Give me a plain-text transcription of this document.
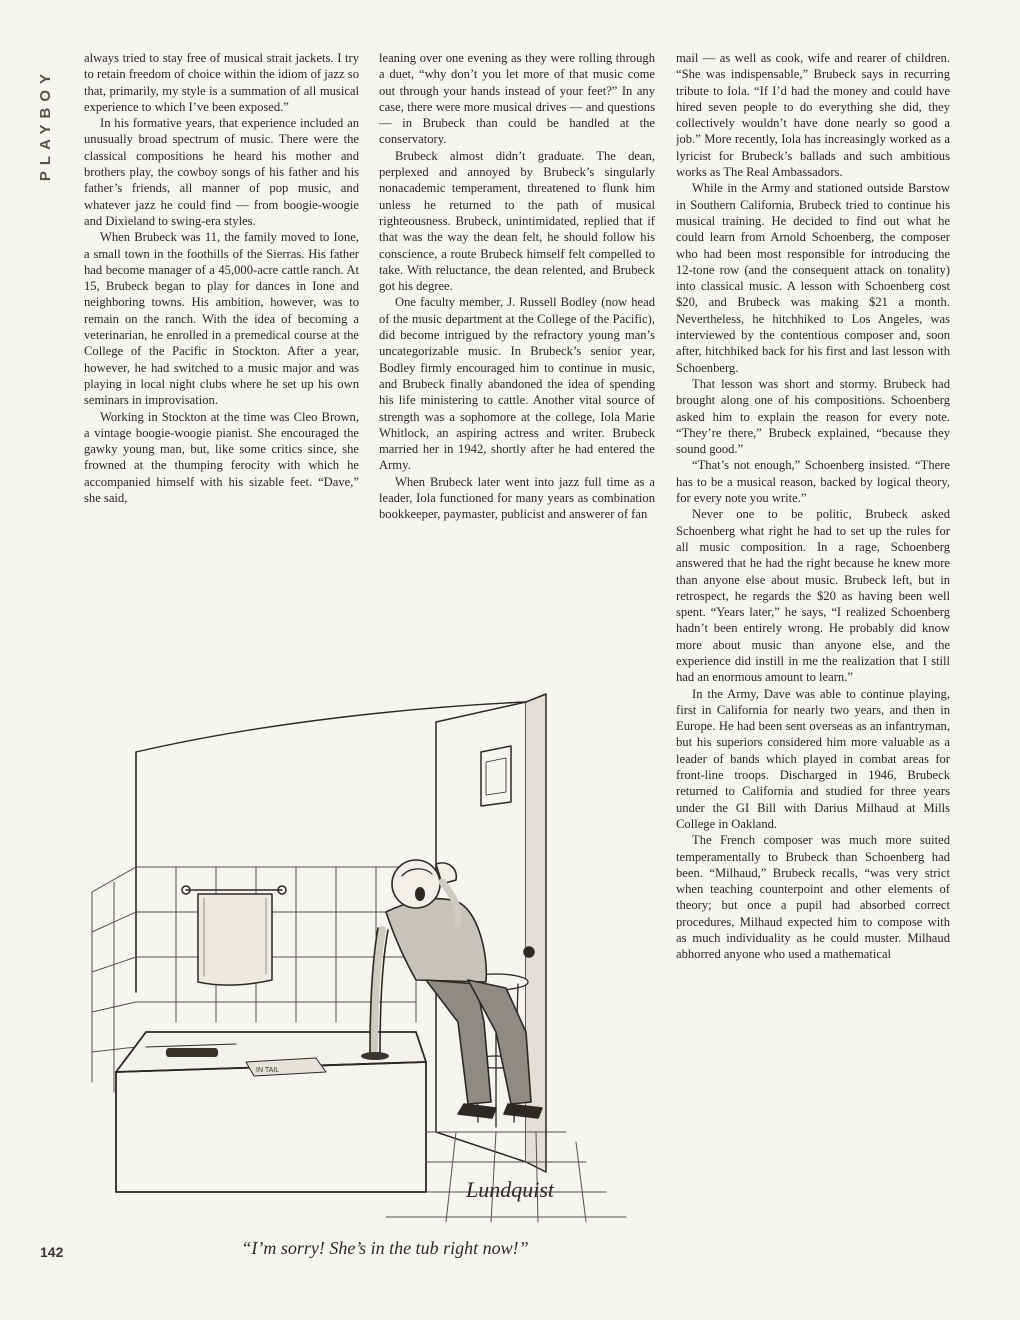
PLAYBOY

always tried to stay free of musical strait jackets. I try to retain freedom of choice within the idiom of jazz so that, primarily, my style is a summation of all musical experience to which I’ve been exposed.”

In his formative years, that experience included an unusually broad spectrum of music. There were the classical compositions he heard his mother and brothers play, the cowboy songs of his father and his father’s friends, all manner of pop music, and whatever jazz he could find — from boogie-woogie and Dixieland to swing-era styles.

When Brubeck was 11, the family moved to Ione, a small town in the foothills of the Sierras. His father had become manager of a 45,000-acre cattle ranch. At 15, Brubeck began to play for dances in Ione and neighboring towns. His ambition, however, was to remain on the ranch. With the idea of becoming a veterinarian, he enrolled in a premedical course at the College of the Pacific in Stockton. After a year, however, he had switched to a music major and was playing in local night clubs where he set up his own seminars in improvisation.

Working in Stockton at the time was Cleo Brown, a vintage boogie-woogie pianist. She encouraged the gawky young man, but, like some critics since, she frowned at the thumping ferocity with which he accompanied himself with his sizable feet. “Dave,” she said,

leaning over one evening as they were rolling through a duet, “why don’t you let more of that music come out through your hands instead of your feet?” In any case, there were more musical drives — and questions — in Brubeck than could be handled at the conservatory.

Brubeck almost didn’t graduate. The dean, perplexed and annoyed by Brubeck’s singularly nonacademic temperament, threatened to flunk him unless he returned to the path of musical righteousness. Brubeck, unintimidated, replied that if that was the way the dean felt, he should follow his conscience, a route Brubeck himself felt compelled to take. With reluctance, the dean relented, and Brubeck got his degree.

One faculty member, J. Russell Bodley (now head of the music department at the College of the Pacific), did become intrigued by the refractory young man’s uncategorizable music. In Brubeck’s senior year, Bodley firmly encouraged him to continue in music, and Brubeck finally abandoned the idea of spending his life ministering to cattle. Another vital source of strength was a sophomore at the college, Iola Marie Whitlock, an aspiring actress and writer. Brubeck married her in 1942, shortly after he had entered the Army.

When Brubeck later went into jazz full time as a leader, Iola functioned for many years as combination bookkeeper, paymaster, publicist and answerer of fan

mail — as well as cook, wife and rearer of children. “She was indispensable,” Brubeck says in recurring tribute to Iola. “If I’d had the money and could have hired seven people to do everything she did, they collectively wouldn’t have done nearly so good a job.” More recently, Iola has increasingly worked as a lyricist for Brubeck’s ballads and such ambitious works as The Real Ambassadors.

While in the Army and stationed outside Barstow in Southern California, Brubeck tried to continue his musical training. He decided to find out what he could learn from Arnold Schoenberg, the composer who had been most responsible for introducing the 12-tone row (and the consequent attack on tonality) into classical music. A lesson with Schoenberg cost $20, and Brubeck was making $21 a month. Nevertheless, he hitchhiked to Los Angeles, was interviewed by the contentious composer and, soon after, hitchhiked back for his first and last lesson with Schoenberg.

That lesson was short and stormy. Brubeck had brought along one of his compositions. Schoenberg asked him to explain the reason for every note. “They’re there,” Brubeck explained, “because they sound good.”

“That’s not enough,” Schoenberg insisted. “There has to be a musical reason, backed by logical theory, for every note you write.”

Never one to be politic, Brubeck asked Schoenberg what right he had to set up the rules for all music composition. In a rage, Schoenberg answered that he had the right because he knew more than anyone else about music. Brubeck left, but in retrospect, he regards the $20 as having been well spent. “Years later,” he says, “I realized Schoenberg hadn’t been entirely wrong. He probably did know more about music than anyone else, and the experience did instill in me the realization that I still had an enormous amount to learn.”

In the Army, Dave was able to continue playing, first in California for nearly two years, and then in Europe. He had been sent overseas as an infantryman, but his superiors considered him more valuable as a leader of bands which played in combat areas for front-line troops. Discharged in 1946, Brubeck returned to California and studied for three years under the GI Bill with Darius Milhaud at Mills College in Oakland.

The French composer was much more suited temperamentally to Brubeck than Schoenberg had been. “Milhaud,” Brubeck recalls, “was very strict when teaching counterpoint and other elements of theory; but once a pupil had absorbed correct procedures, Milhaud expected him to compose with as much individuality as he could muster. Milhaud abhorred anyone who used a mathematical

IN TAIL
Lundquist
“I’m sorry! She’s in the tub right now!”
142
